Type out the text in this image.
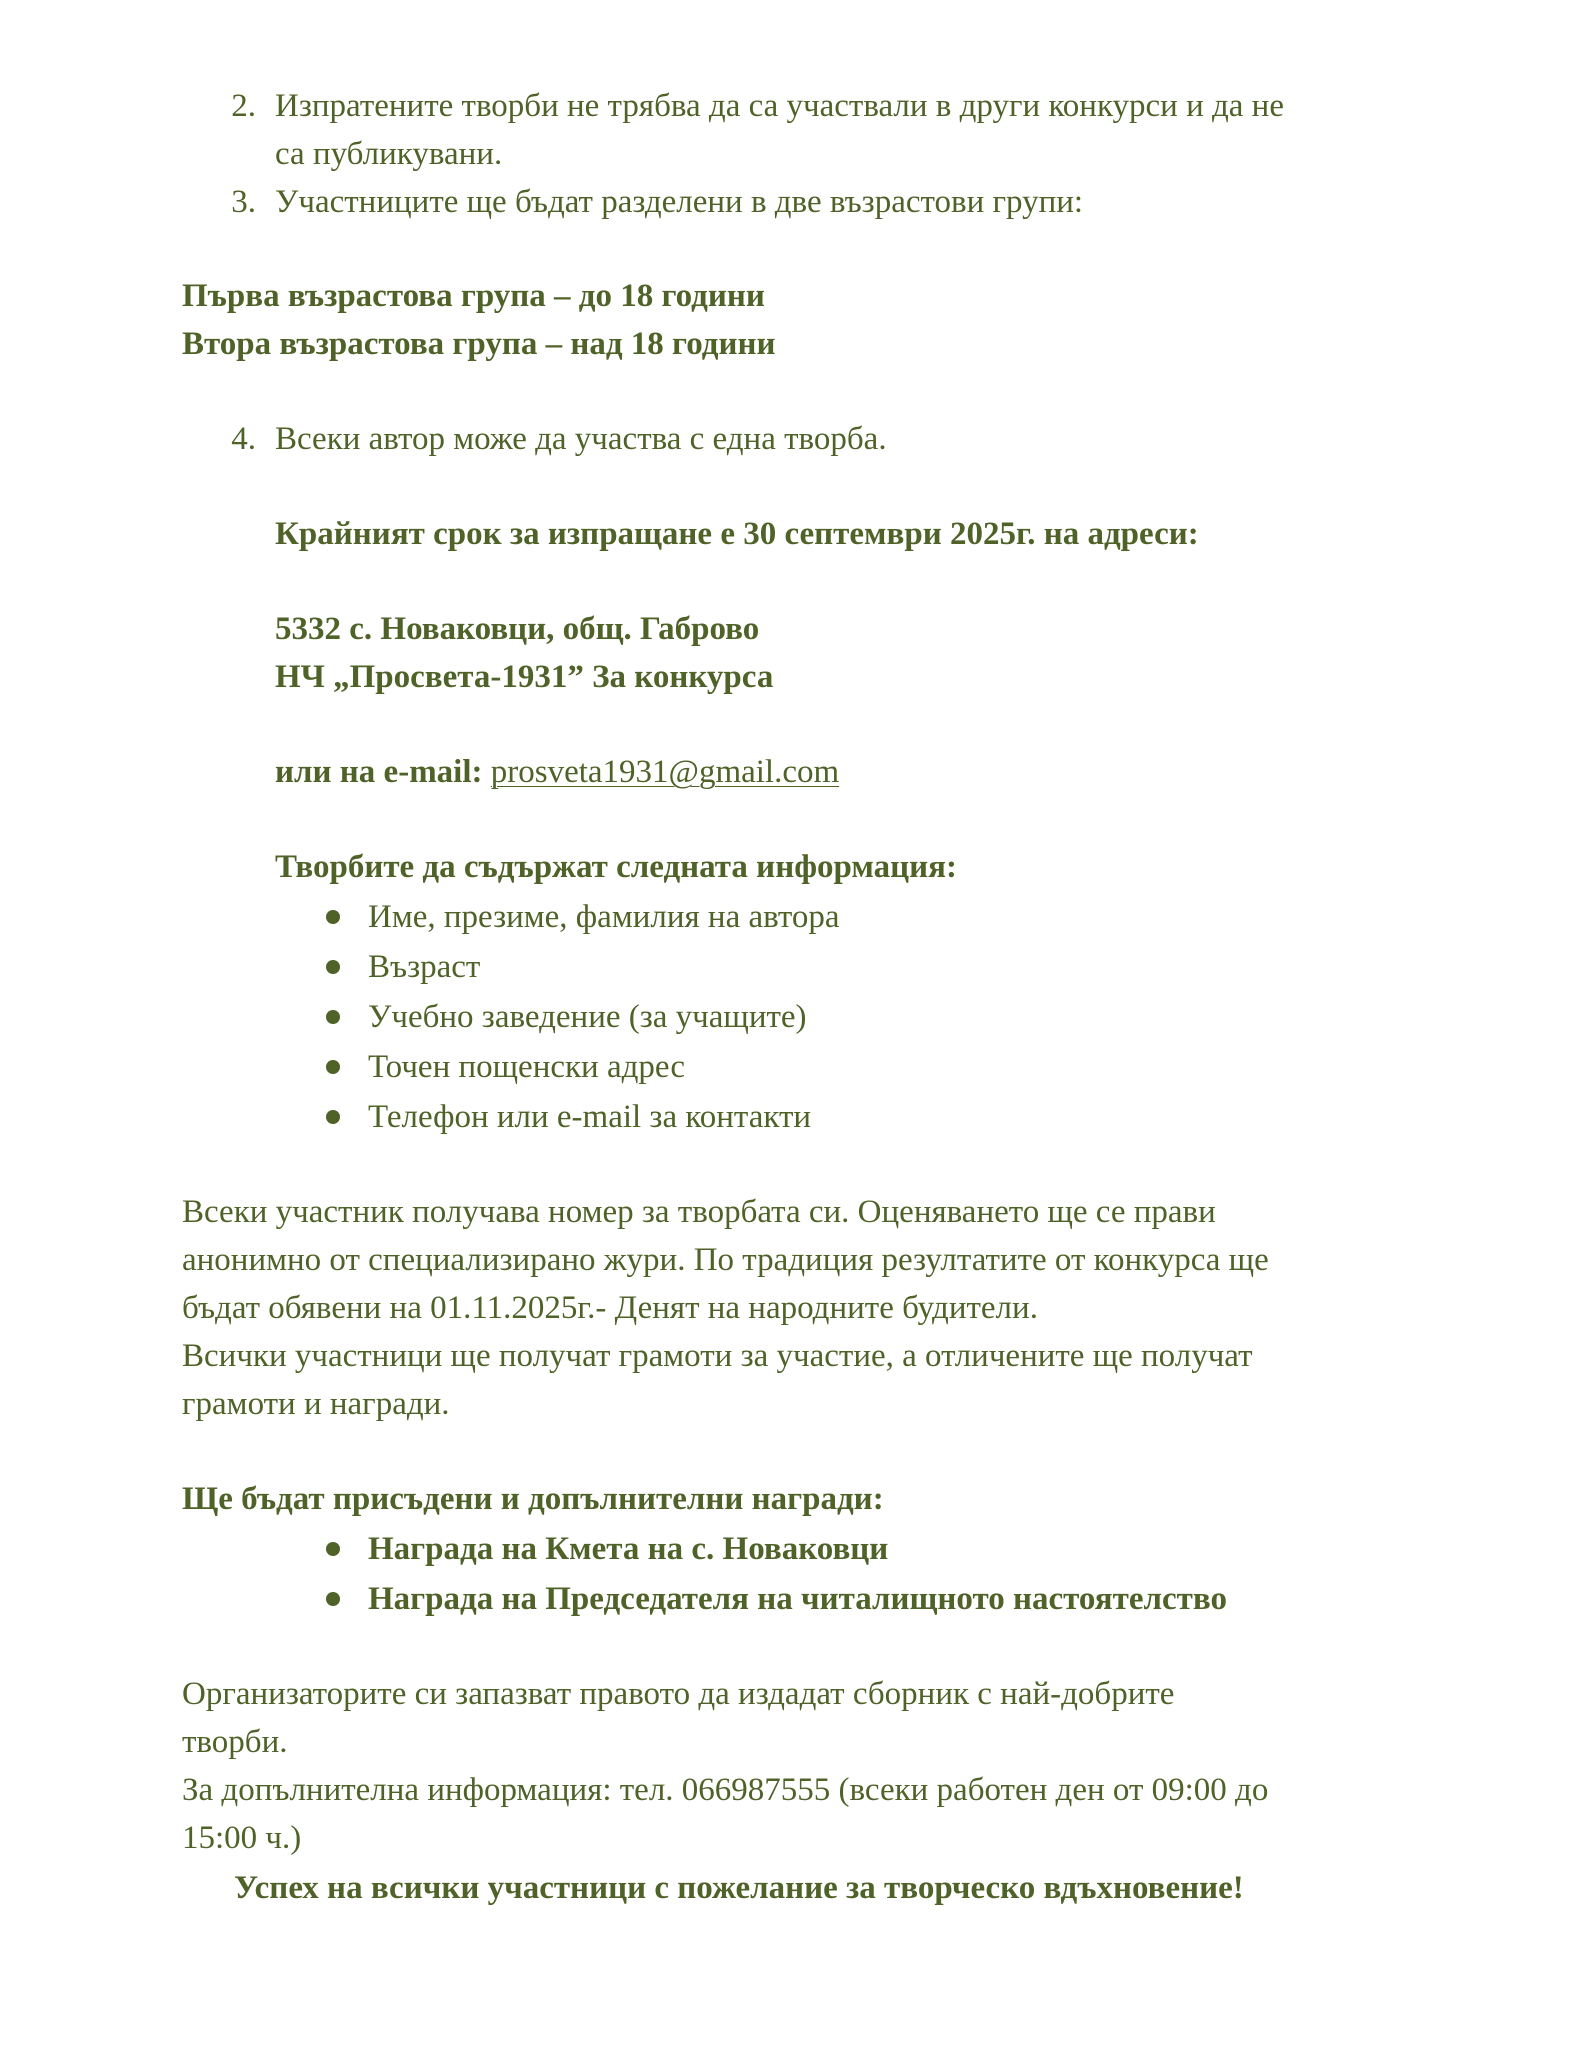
2. Изпратените творби не трябва да са участвали в други конкурси и да не
са публикувани.
3. Участниците ще бъдат разделени в две възрастови групи:
Първа възрастова група – до 18 години
Втора възрастова група – над 18 години
4. Всеки автор може да участва с една творба.
Крайният срок за изпращане е 30 септември 2025г. на адреси:
5332 с. Новаковци, общ. Габрово
НЧ „Просвета-1931” За конкурса
или на e-mail: prosveta1931@gmail.com
Творбите да съдържат следната информация:
Име, презиме, фамилия на автора
Възраст
Учебно заведение (за учащите)
Точен пощенски адрес
Телефон или e-mail за контакти
Всеки участник получава номер за творбата си. Оценяването ще се прави
анонимно от специализирано жури. По традиция резултатите от конкурса ще
бъдат обявени на 01.11.2025г.- Денят на народните будители.
Всички участници ще получат грамоти за участие, а отличените ще получат
грамоти и награди.
Ще бъдат присъдени и допълнителни награди:
Награда на Кмета на с. Новаковци
Награда на Председателя на читалищното настоятелство
Организаторите си запазват правото да издадат сборник с най-добрите
творби.
За допълнителна информация: тел. 066987555 (всеки работен ден от 09:00 до
15:00 ч.)
Успех на всички участници с пожелание за творческо вдъхновение!
